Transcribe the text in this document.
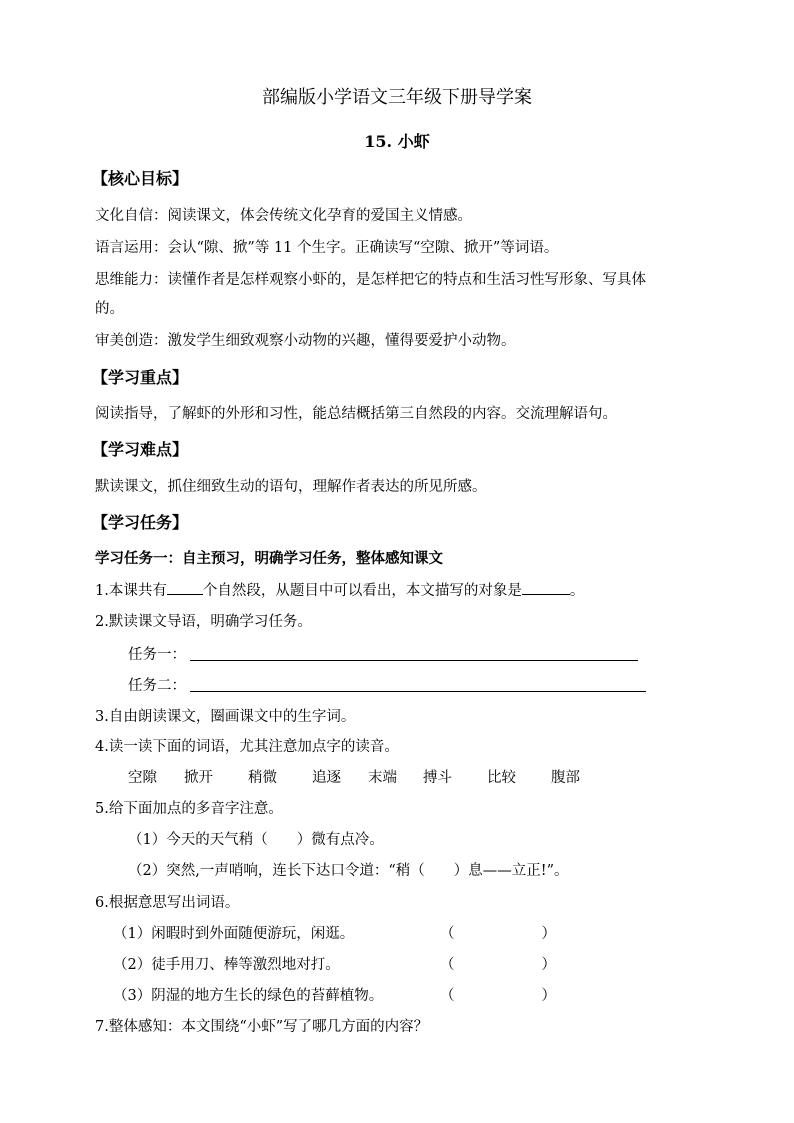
部编版小学语文三年级下册导学案
15. 小虾
【核心目标】
文化自信：阅读课文，体会传统文化孕育的爱国主义情感。
语言运用：会认“隙、掀”等 11 个生字。正确读写“空隙、掀开”等词语。
思维能力：读懂作者是怎样观察小虾的，是怎样把它的特点和生活习性写形象、写具体
的。
审美创造：激发学生细致观察小动物的兴趣，懂得要爱护小动物。
【学习重点】
阅读指导，了解虾的外形和习性，能总结概括第三自然段的内容。交流理解语句。
【学习难点】
默读课文，抓住细致生动的语句，理解作者表达的所见所感。
【学习任务】
学习任务一：自主预习，明确学习任务，整体感知课文
1.本课共有 个自然段，从题目中可以看出，本文描写的对象是	。
2.默读课文导语，明确学习任务。
任务一：
任务二：
3.自由朗读课文，圈画课文中的生字词。
4.读一读下面的词语，尤其注意加点字的读音。
空隙 掀开 稍微 追逐 末端 搏斗 比较 腹部
5.给下面加点的多音字注意。
（1）今天的天气稍（　　）微有点冷。
（2）突然,一声哨响，连长下达口令道：“稍（　　）息——立正!”。
6.根据意思写出词语。
（1）闲暇时到外面随便游玩，闲逛。	（　　　　　　）
（2）徒手用刀、棒等激烈地对打。	（　　　　　　）
（3）阴湿的地方生长的绿色的苔藓植物。	（　　　　　　）
7.整体感知：本文围绕“小虾”写了哪几方面的内容？
